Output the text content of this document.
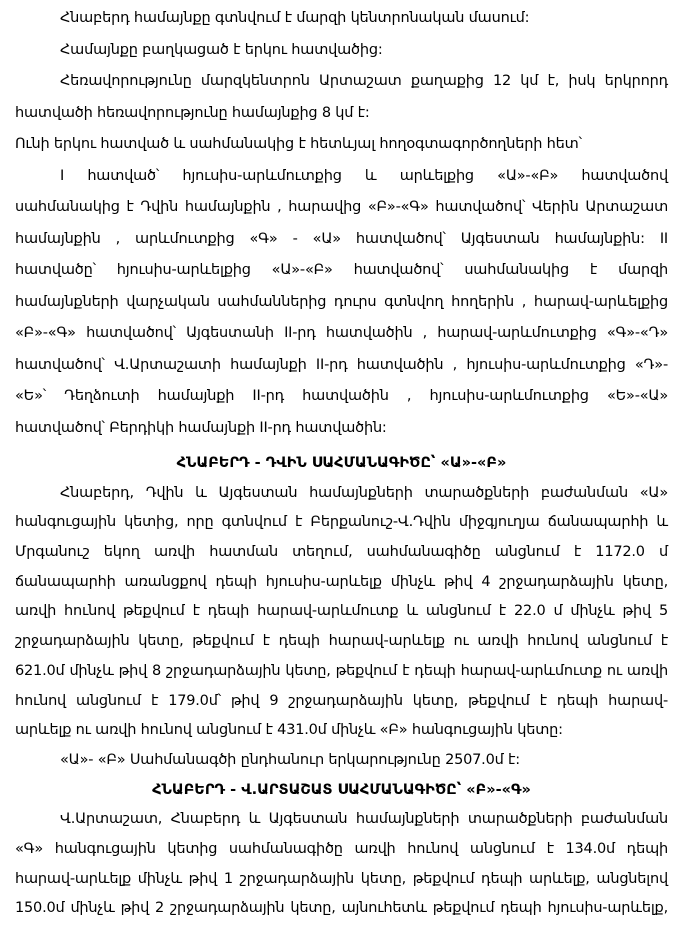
Հնաբերդ համայնքը գտնվում է մարզի կենտրոնական մասում:
Համայնքը բաղկացած է երկու հատվածից:
Հեռավորությունը մարզկենտրոն Արտաշատ քաղաքից 12 կմ է, իսկ երկրորդ
հատվածի հեռավորությունը համայնքից 8 կմ է:
Ունի երկու հատված և սահմանակից է հետևյալ հողօգտագործողների հետ՝
I հատված՝ հյուսիս-արևմուտքից և արևելքից «Ա»-«Բ» հատվածով
սահմանակից է Դվին համայնքին , հարավից «Բ»-«Գ» հատվածով՝ Վերին Արտաշատ
համայնքին , արևմուտքից «Գ» - «Ա» հատվածով՝ Այգեստան համայնքին: II
հատվածը՝ հյուսիս-արևելքից «Ա»-«Բ» հատվածով՝ սահմանակից է մարզի
համայնքների վարչական սահմաններից դուրս գտնվող հողերին , հարավ-արևելքից
«Բ»-«Գ» հատվածով՝ Այգեստանի II-րդ հատվածին , հարավ-արևմուտքից «Գ»-«Դ»
հատվածով՝ Վ.Արտաշատի համայնքի II-րդ հատվածին , հյուսիս-արևմուտքից «Դ»-
«Ե»՝ Դեղձուտի համայնքի II-րդ հատվածին , հյուսիս-արևմուտքից «Ե»-«Ա»
հատվածով՝ Բերդիկի համայնքի II-րդ հատվածին:
ՀՆԱԲԵՐԴ - ԴՎԻՆ ՍԱՀՄԱՆԱԳԻԾԸ՝ «Ա»-«Բ»
Հնաբերդ, Դվին և Այգեստան համայնքների տարածքների բաժանման «Ա»
հանգուցային կետից, որը գտնվում է Բերքանուշ-Վ.Դվին միջգյուղյա ճանապարհի և
Մրգանուշ եկող առվի հատման տեղում, սահմանագիծը անցնում է 1172.0 մ
ճանապարհի առանցքով դեպի հյուսիս-արևելք մինչև թիվ 4 շրջադարձային կետը,
առվի հունով թեքվում է դեպի հարավ-արևմուտք և անցնում է 22.0 մ մինչև թիվ 5
շրջադարձային կետը, թեքվում է դեպի հարավ-արևելք ու առվի հունով անցնում է
621.0մ մինչև թիվ 8 շրջադարձային կետը, թեքվում է դեպի հարավ-արևմուտք ու առվի
հունով անցնում է 179.0մ՝ թիվ 9 շրջադարձային կետը, թեքվում է դեպի հարավ-
արևելք ու առվի հունով անցնում է 431.0մ մինչև «Բ» հանգուցային կետը:
«Ա»- «Բ» Սահմանագծի ընդհանուր երկարությունը 2507.0մ է:
ՀՆԱԲԵՐԴ - Վ.ԱՐՏԱՇԱՏ ՍԱՀՄԱՆԱԳԻԾԸ՝ «Բ»-«Գ»
Վ.Արտաշատ, Հնաբերդ և Այգեստան համայնքների տարածքների բաժանման
«Գ» հանգուցային կետից սահմանագիծը առվի հունով անցնում է 134.0մ դեպի
հարավ-արևելք մինչև թիվ 1 շրջադարձային կետը, թեքվում դեպի արևելք, անցնելով
150.0մ մինչև թիվ 2 շրջադարձային կետը, այնուհետև թեքվում դեպի հյուսիս-արևելք,
